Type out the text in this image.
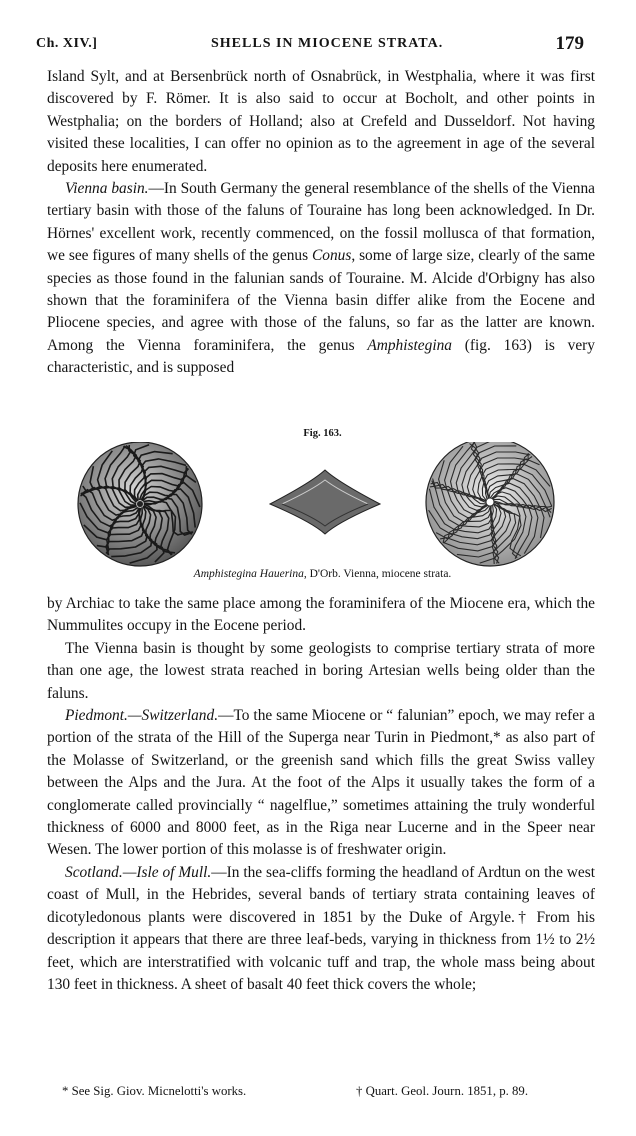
Ch. XIV.]	SHELLS IN MIOCENE STRATA.	179

Island Sylt, and at Bersenbrück north of Osnabrück, in Westphalia, where it was first discovered by F. Römer. It is also said to occur at Bocholt, and other points in Westphalia; on the borders of Holland; also at Crefeld and Dusseldorf. Not having visited these localities, I can offer no opinion as to the agreement in age of the several deposits here enumerated.

Vienna basin.—In South Germany the general resemblance of the shells of the Vienna tertiary basin with those of the faluns of Touraine has long been acknowledged. In Dr. Hörnes' excellent work, recently commenced, on the fossil mollusca of that formation, we see figures of many shells of the genus Conus, some of large size, clearly of the same species as those found in the falunian sands of Touraine. M. Alcide d'Orbigny has also shown that the foraminifera of the Vienna basin differ alike from the Eocene and Pliocene species, and agree with those of the faluns, so far as the latter are known. Among the Vienna foraminifera, the genus Amphistegina (fig. 163) is very characteristic, and is supposed

Fig. 163.
Amphistegina Hauerina, D'Orb. Vienna, miocene strata.

by Archiac to take the same place among the foraminifera of the Miocene era, which the Nummulites occupy in the Eocene period.

The Vienna basin is thought by some geologists to comprise tertiary strata of more than one age, the lowest strata reached in boring Artesian wells being older than the faluns.

Piedmont.—Switzerland.—To the same Miocene or “ falunian” epoch, we may refer a portion of the strata of the Hill of the Superga near Turin in Piedmont,* as also part of the Molasse of Switzerland, or the greenish sand which fills the great Swiss valley between the Alps and the Jura. At the foot of the Alps it usually takes the form of a conglomerate called provincially “ nagelflue,” sometimes attaining the truly wonderful thickness of 6000 and 8000 feet, as in the Riga near Lucerne and in the Speer near Wesen. The lower portion of this molasse is of freshwater origin.

Scotland.—Isle of Mull.—In the sea-cliffs forming the headland of Ardtun on the west coast of Mull, in the Hebrides, several bands of tertiary strata containing leaves of dicotyledonous plants were discovered in 1851 by the Duke of Argyle.† From his description it appears that there are three leaf-beds, varying in thickness from 1½ to 2½ feet, which are interstratified with volcanic tuff and trap, the whole mass being about 130 feet in thickness. A sheet of basalt 40 feet thick covers the whole;

* See Sig. Giov. Micnelotti's works.	† Quart. Geol. Journ. 1851, p. 89.
